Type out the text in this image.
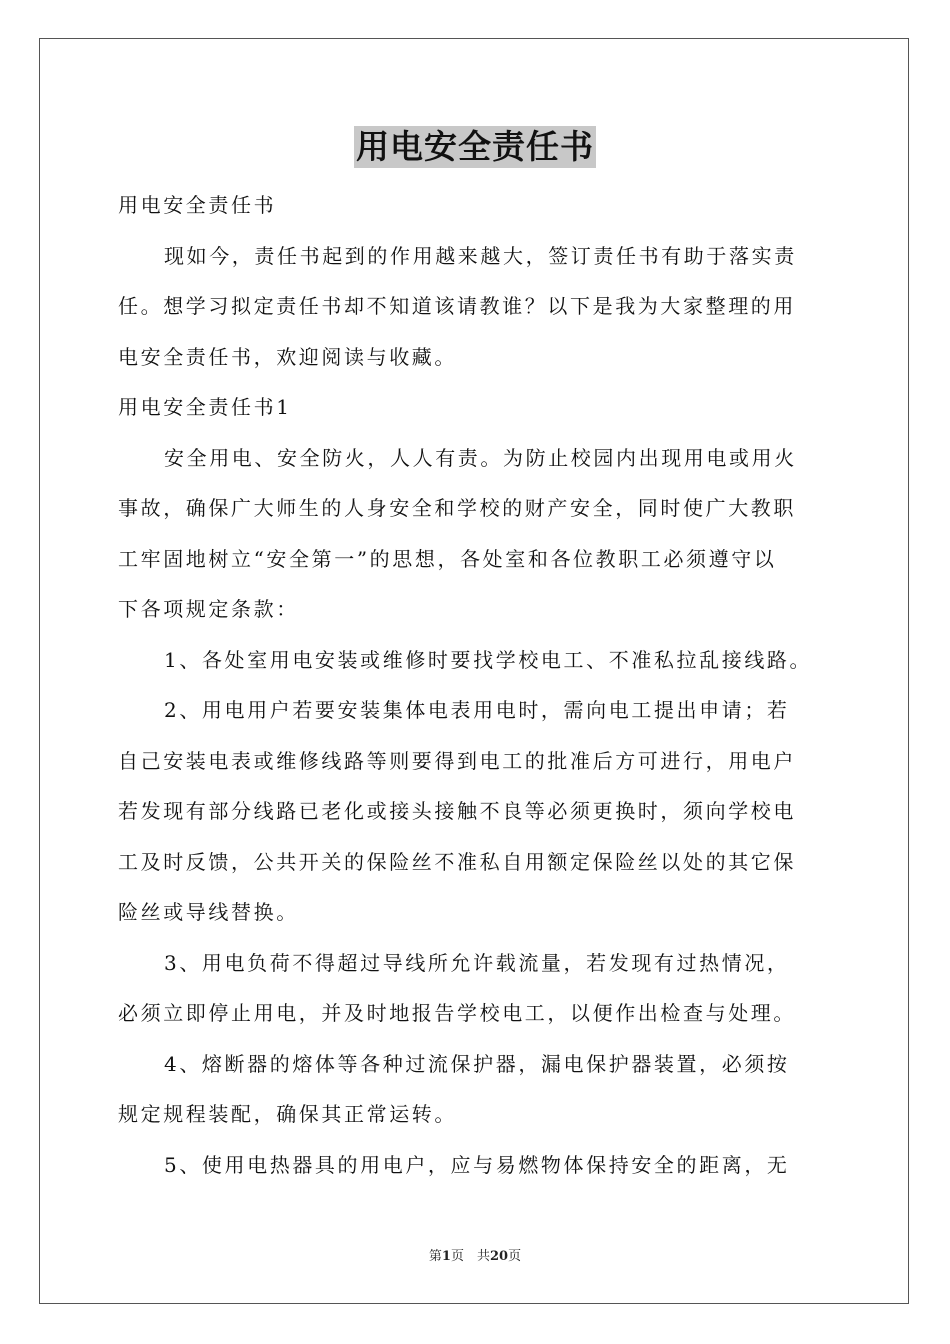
用电安全责任书
用电安全责任书
现如今，责任书起到的作用越来越大，签订责任书有助于落实责
任。想学习拟定责任书却不知道该请教谁？以下是我为大家整理的用
电安全责任书，欢迎阅读与收藏。
用电安全责任书1
安全用电、安全防火，人人有责。为防止校园内出现用电或用火
事故，确保广大师生的人身安全和学校的财产安全，同时使广大教职
工牢固地树立“安全第一”的思想，各处室和各位教职工必须遵守以
下各项规定条款：
1、各处室用电安装或维修时要找学校电工、不准私拉乱接线路。
2、用电用户若要安装集体电表用电时，需向电工提出申请；若
自己安装电表或维修线路等则要得到电工的批准后方可进行，用电户
若发现有部分线路已老化或接头接触不良等必须更换时，须向学校电
工及时反馈，公共开关的保险丝不准私自用额定保险丝以处的其它保
险丝或导线替换。
3、用电负荷不得超过导线所允许载流量，若发现有过热情况，
必须立即停止用电，并及时地报告学校电工，以便作出检查与处理。
4、熔断器的熔体等各种过流保护器，漏电保护器装置，必须按
规定规程装配，确保其正常运转。
5、使用电热器具的用电户，应与易燃物体保持安全的距离，无
第1页　共20页
